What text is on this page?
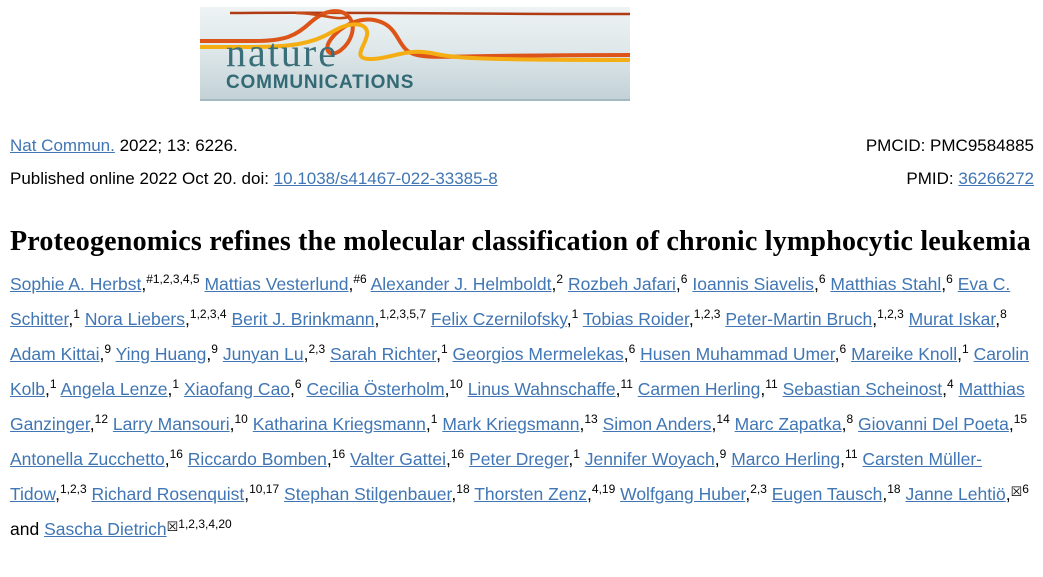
nature
COMMUNICATIONS
Nat Commun. 2022; 13: 6226.
Published online 2022 Oct 20. doi: 10.1038/s41467-022-33385-8
PMCID: PMC9584885
PMID: 36266272
Proteogenomics refines the molecular classification of chronic lymphocytic leukemia
Sophie A. Herbst,$^{\#1,2,3,4,5}$ Mattias Vesterlund,$^{\#6}$ Alexander J. Helmboldt,$^2$ Rozbeh Jafari,$^6$ Ioannis Siavelis,$^6$ Matthias Stahl,$^6$ Eva C. Schitter,$^1$ Nora Liebers,$^{1,2,3,4}$ Berit J. Brinkmann,$^{1,2,3,5,7}$ Felix Czernilofsky,$^1$ Tobias Roider,$^{1,2,3}$ Peter-Martin Bruch,$^{1,2,3}$ Murat Iskar,$^8$ Adam Kittai,$^9$ Ying Huang,$^9$ Junyan Lu,$^{2,3}$ Sarah Richter,$^1$ Georgios Mermelekas,$^6$ Husen Muhammad Umer,$^6$ Mareike Knoll,$^1$ Carolin Kolb,$^1$ Angela Lenze,$^1$ Xiaofang Cao,$^6$ Cecilia Österholm,$^{10}$ Linus Wahnschaffe,$^{11}$ Carmen Herling,$^{11}$ Sebastian Scheinost,$^4$ Matthias Ganzinger,$^{12}$ Larry Mansouri,$^{10}$ Katharina Kriegsmann,$^1$ Mark Kriegsmann,$^{13}$ Simon Anders,$^{14}$ Marc Zapatka,$^8$ Giovanni Del Poeta,$^{15}$ Antonella Zucchetto,$^{16}$ Riccardo Bomben,$^{16}$ Valter Gattei,$^{16}$ Peter Dreger,$^1$ Jennifer Woyach,$^9$ Marco Herling,$^{11}$ Carsten Müller-Tidow,$^{1,2,3}$ Richard Rosenquist,$^{10,17}$ Stephan Stilgenbauer,$^{18}$ Thorsten Zenz,$^{4,19}$ Wolfgang Huber,$^{2,3}$ Eugen Tausch,$^{18}$ Janne Lehtiö,$^{☒6}$ and Sascha Dietrich$^{☒1,2,3,4,20}$
